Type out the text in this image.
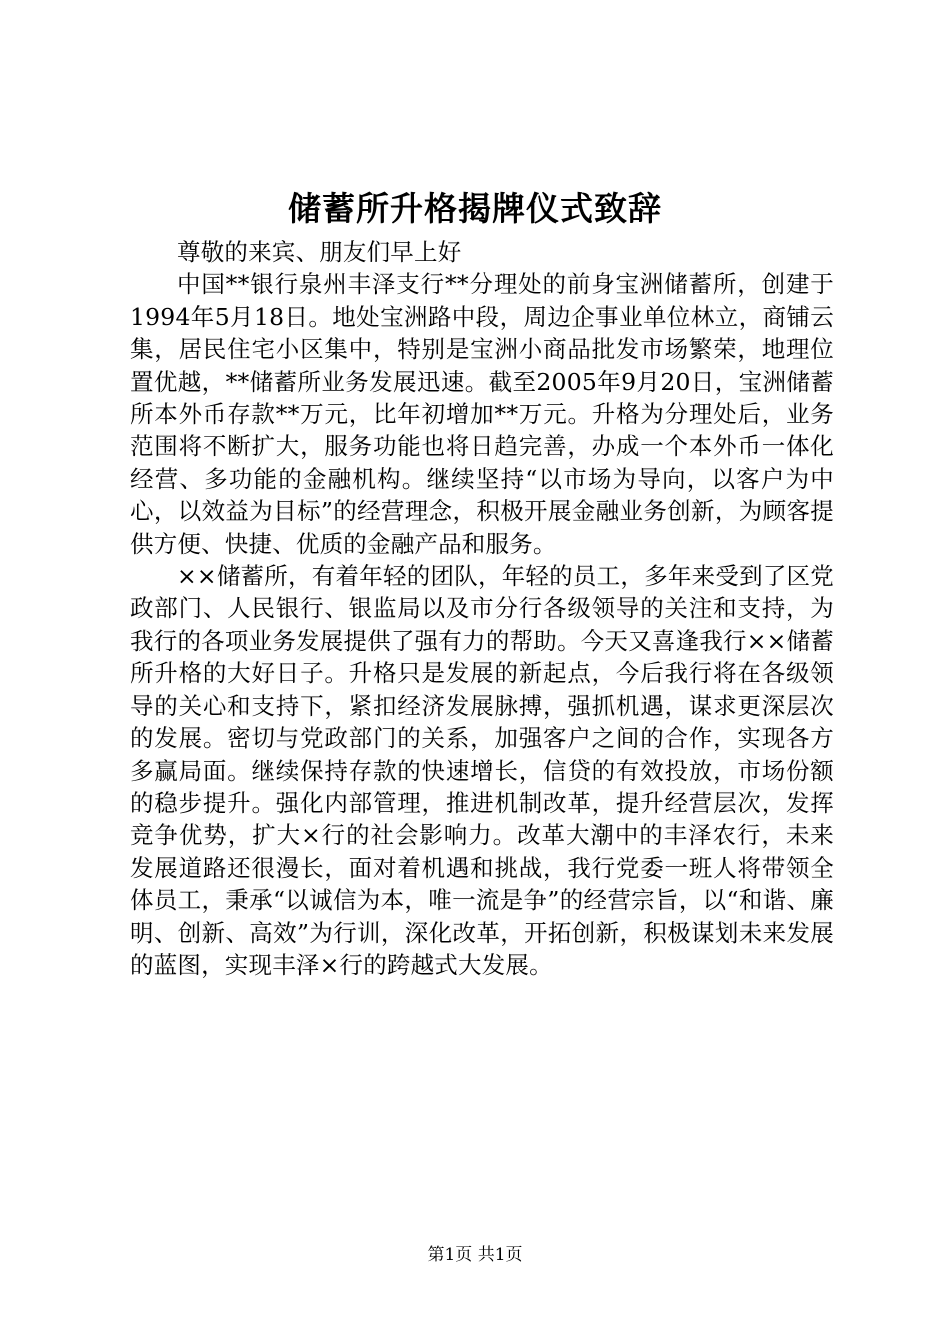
储蓄所升格揭牌仪式致辞

尊敬的来宾、朋友们早上好

中国**银行泉州丰泽支行**分理处的前身宝洲储蓄所，创建于1994年5月18日。地处宝洲路中段，周边企事业单位林立，商铺云集，居民住宅小区集中，特别是宝洲小商品批发市场繁荣，地理位置优越，**储蓄所业务发展迅速。截至2005年9月20日，宝洲储蓄所本外币存款**万元，比年初增加**万元。升格为分理处后，业务范围将不断扩大，服务功能也将日趋完善，办成一个本外币一体化经营、多功能的金融机构。继续坚持“以市场为导向，以客户为中心，以效益为目标”的经营理念，积极开展金融业务创新，为顾客提供方便、快捷、优质的金融产品和服务。

××储蓄所，有着年轻的团队，年轻的员工，多年来受到了区党政部门、人民银行、银监局以及市分行各级领导的关注和支持，为我行的各项业务发展提供了强有力的帮助。今天又喜逢我行××储蓄所升格的大好日子。升格只是发展的新起点，今后我行将在各级领导的关心和支持下，紧扣经济发展脉搏，强抓机遇，谋求更深层次的发展。密切与党政部门的关系，加强客户之间的合作，实现各方多赢局面。继续保持存款的快速增长，信贷的有效投放，市场份额的稳步提升。强化内部管理，推进机制改革，提升经营层次，发挥竞争优势，扩大×行的社会影响力。改革大潮中的丰泽农行，未来发展道路还很漫长，面对着机遇和挑战，我行党委一班人将带领全体员工，秉承“以诚信为本，唯一流是争”的经营宗旨，以“和谐、廉明、创新、高效”为行训，深化改革，开拓创新，积极谋划未来发展的蓝图，实现丰泽×行的跨越式大发展。

第1页 共1页
